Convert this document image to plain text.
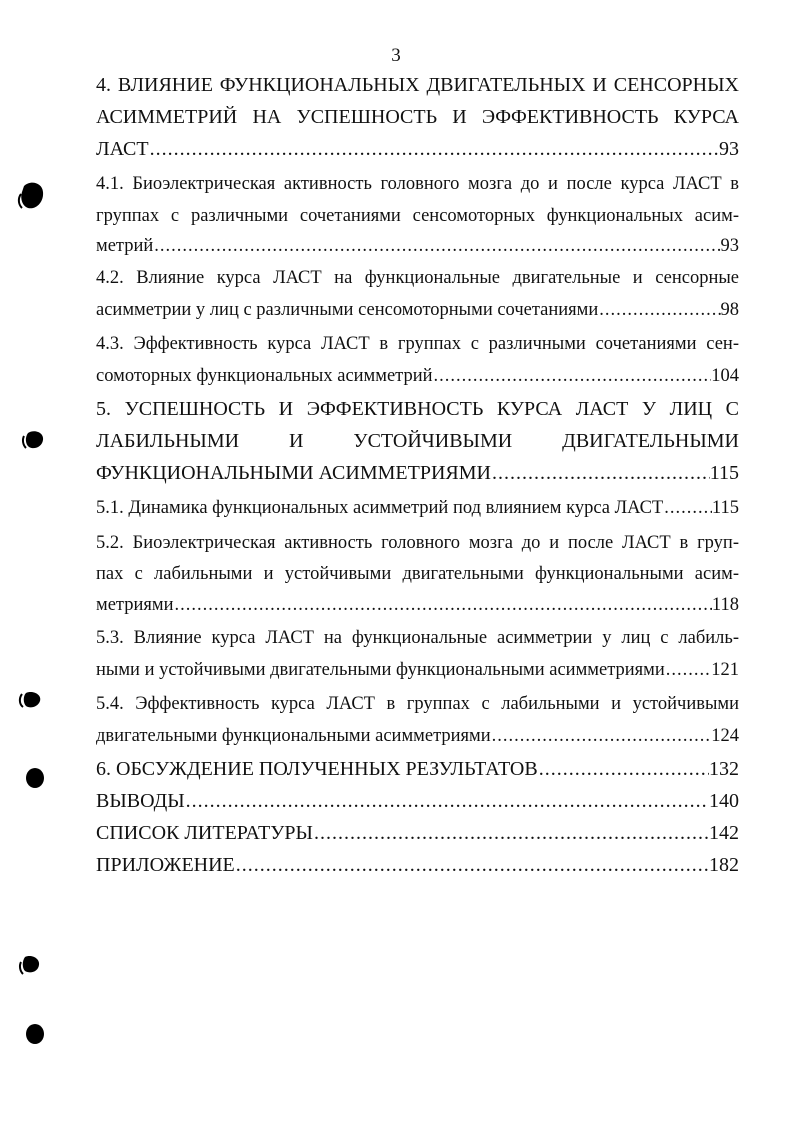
3
4. ВЛИЯНИЕ ФУНКЦИОНАЛЬНЫХ ДВИГАТЕЛЬНЫХ И СЕНСОРНЫХ
АСИММЕТРИЙ НА УСПЕШНОСТЬ И ЭФФЕКТИВНОСТЬ КУРСА
ЛАСТ .....	93
4.1. Биоэлектрическая активность головного мозга до и после курса ЛАСТ в
группах с различными сочетаниями сенсомоторных функциональных асим-
метрий .....	93
4.2. Влияние курса ЛАСТ на функциональные двигательные и сенсорные
асимметрии у лиц с различными сенсомоторными сочетаниями .....	98
4.3. Эффективность курса ЛАСТ в группах с различными сочетаниями сен-
сомоторных функциональных асимметрий .....	104
5. УСПЕШНОСТЬ И ЭФФЕКТИВНОСТЬ КУРСА ЛАСТ У ЛИЦ С
ЛАБИЛЬНЫМИ И УСТОЙЧИВЫМИ ДВИГАТЕЛЬНЫМИ
ФУНКЦИОНАЛЬНЫМИ АСИММЕТРИЯМИ .....	115
5.1. Динамика функциональных асимметрий под влиянием курса ЛАСТ .....	115
5.2. Биоэлектрическая активность головного мозга до и после ЛАСТ в груп-
пах с лабильными и устойчивыми двигательными функциональными асим-
метриями .....	118
5.3. Влияние курса ЛАСТ на функциональные асимметрии у лиц с лабиль-
ными и устойчивыми двигательными функциональными асимметриями .....	121
5.4. Эффективность курса ЛАСТ в группах с лабильными и устойчивыми
двигательными функциональными асимметриями .....	124
6. ОБСУЖДЕНИЕ ПОЛУЧЕННЫХ РЕЗУЛЬТАТОВ .....	132
ВЫВОДЫ .....	140
СПИСОК ЛИТЕРАТУРЫ .....	142
ПРИЛОЖЕНИЕ .....	182
